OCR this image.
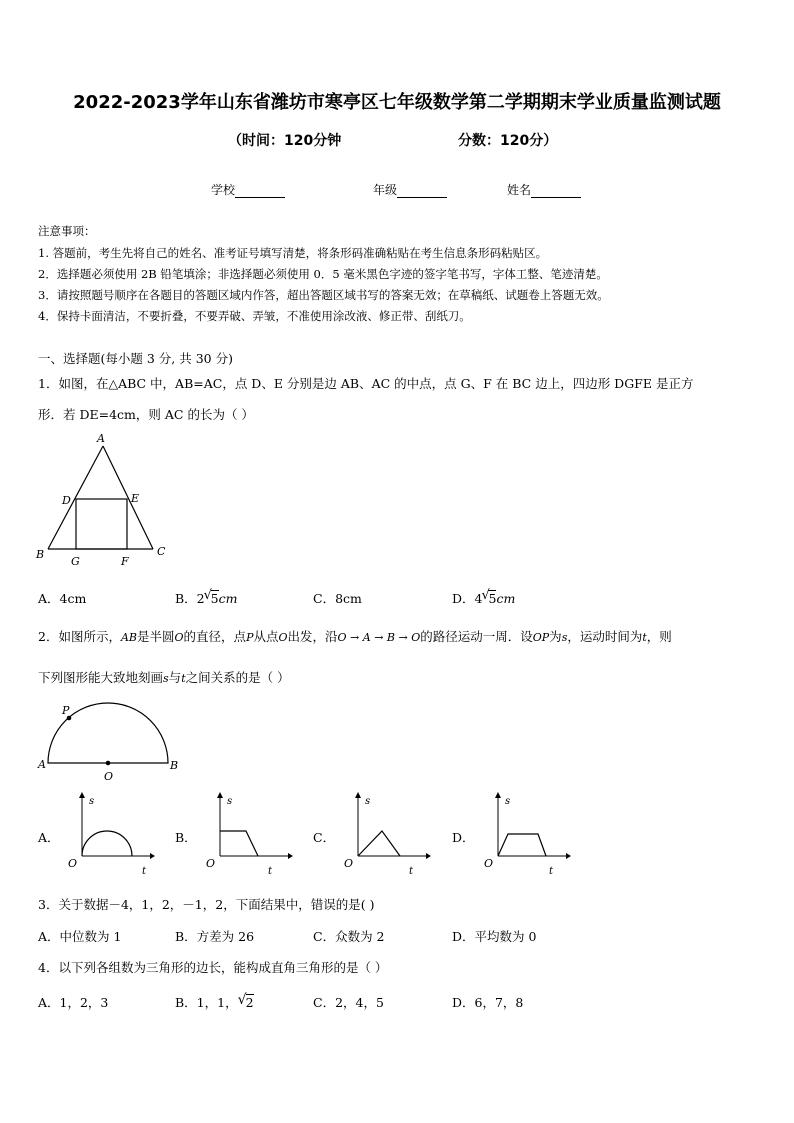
2022-2023学年山东省潍坊市寒亭区七年级数学第二学期期末学业质量监测试题
（时间：120分钟	分数：120分）
学校	年级	姓名
注意事项：
1. 答题前，考生先将自己的姓名、准考证号填写清楚，将条形码准确粘贴在考生信息条形码粘贴区。
2．选择题必须使用 2B 铅笔填涂；非选择题必须使用 0．5 毫米黑色字迹的签字笔书写，字体工整、笔迹清楚。
3．请按照题号顺序在各题目的答题区域内作答，超出答题区域书写的答案无效；在草稿纸、试题卷上答题无效。
4．保持卡面清洁，不要折叠，不要弄破、弄皱，不准使用涂改液、修正带、刮纸刀。
一、选择题(每小题 3 分, 共 30 分)
1．如图，在△ABC 中，AB=AC，点 D、E 分别是边 AB、AC 的中点，点 G、F 在 BC 边上，四边形 DGFE 是正方
形．若 DE=4cm，则 AC 的长为（ ）
A
D	E
B
G	F
C
A．4cm	B．2 √
5cm	C．8cm	D．4 √
5cm
2．如图所示，AB是半圆O的直径，点P从点O出发，沿O → A → B → O的路径运动一周．设OP为s，运动时间为t，则
下列图形能大致地刻画s与t之间关系的是（ ）
P
A	B
O
A．	B．	C．	D．
s
O
t
s
O
t
s
O
t
s
O
t
3．关于数据－4，1，2，－1，2，下面结果中，错误的是( )
A．中位数为 1	B．方差为 26	C．众数为 2	D．平均数为 0
4．以下列各组数为三角形的边长，能构成直角三角形的是（ ）
A．1，2，3	B．1，1， √ 2	C．2，4，5	D．6，7，8
